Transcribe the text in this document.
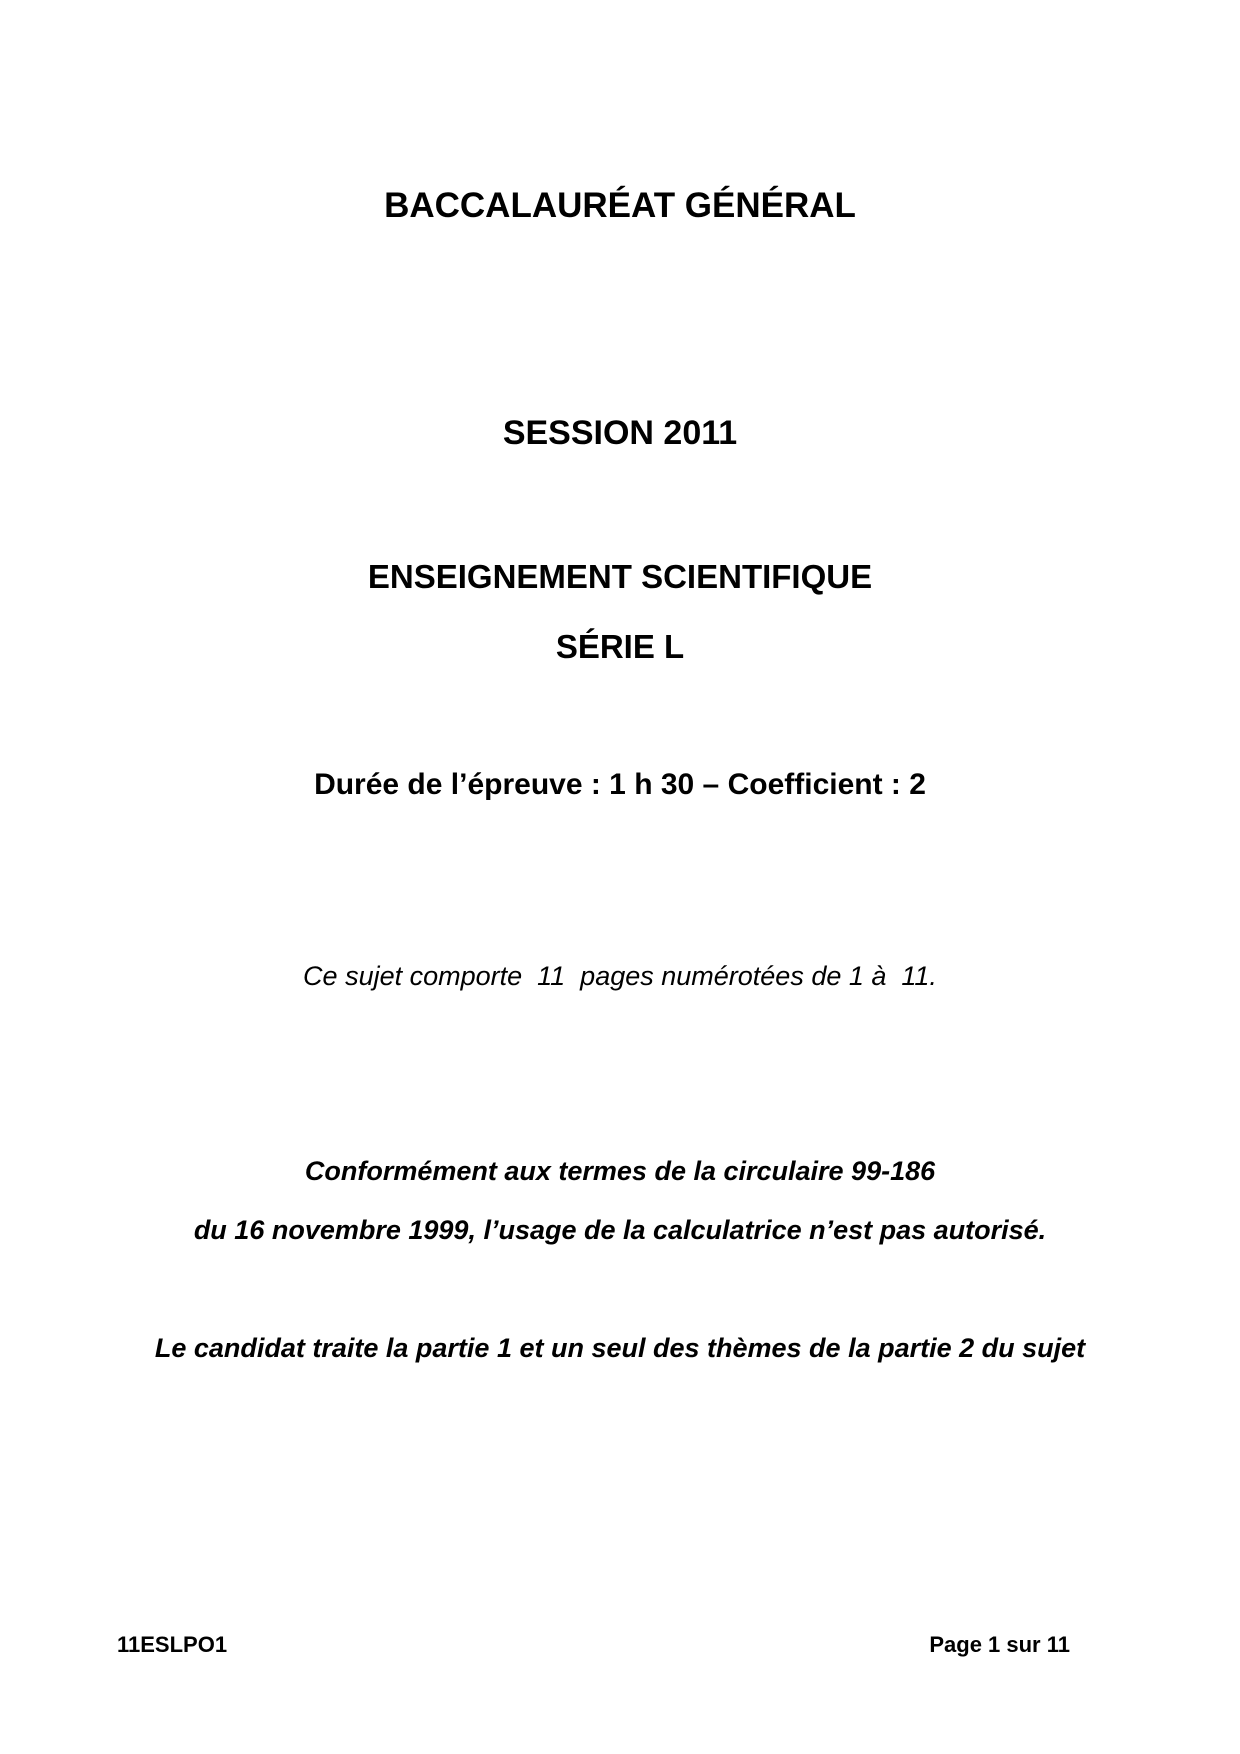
BACCALAURÉAT GÉNÉRAL
SESSION 2011
ENSEIGNEMENT SCIENTIFIQUE
SÉRIE L
Durée de l’épreuve : 1 h 30 – Coefficient : 2
Ce sujet comporte  11  pages numérotées de 1 à  11.
Conformément aux termes de la circulaire 99-186
du 16 novembre 1999, l’usage de la calculatrice n’est pas autorisé.
Le candidat traite la partie 1 et un seul des thèmes de la partie 2 du sujet
11ESLPO1	Page 1 sur 11
